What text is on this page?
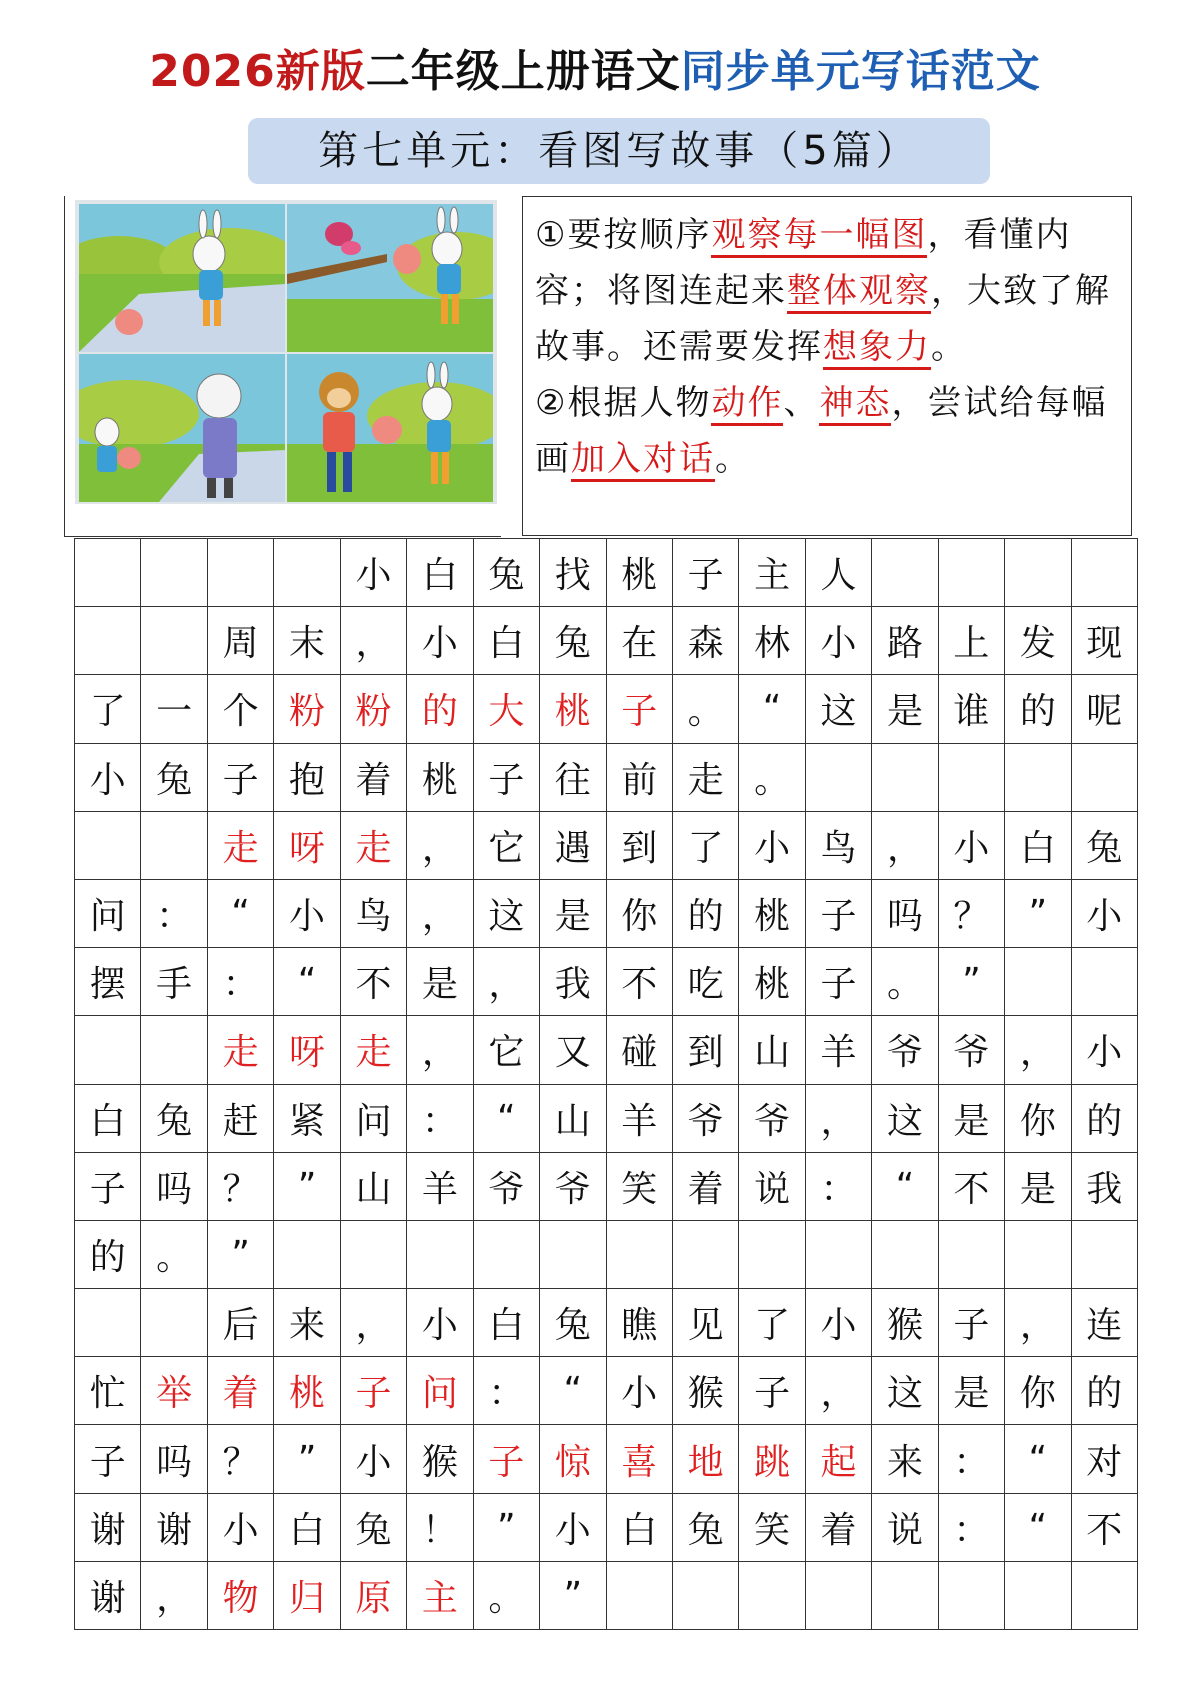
2026新版二年级上册语文同步单元写话范文
第七单元：看图写故事（5篇）
①要按顺序观察每一幅图，看懂内容；将图连起来整体观察，大致了解故事。还需要发挥想象力。
②根据人物动作、神态，尝试给每幅画加入对话。
				小	白	兔	找	桃	子	主	人				
		周	末	，	小	白	兔	在	森	林	小	路	上	发	现
了	一	个	粉	粉	的	大	桃	子	。	“	这	是	谁	的	呢
小	兔	子	抱	着	桃	子	往	前	走	。					
		走	呀	走	，	它	遇	到	了	小	鸟	，	小	白	兔
问	：	“	小	鸟	，	这	是	你	的	桃	子	吗	？	”	小
摆	手	：	“	不	是	，	我	不	吃	桃	子	。	”		
		走	呀	走	，	它	又	碰	到	山	羊	爷	爷	，	小
白	兔	赶	紧	问	：	“	山	羊	爷	爷	，	这	是	你	的
子	吗	？	”	山	羊	爷	爷	笑	着	说	：	“	不	是	我
的	。	”													
		后	来	，	小	白	兔	瞧	见	了	小	猴	子	，	连
忙	举	着	桃	子	问	：	“	小	猴	子	，	这	是	你	的
子	吗	？	”	小	猴	子	惊	喜	地	跳	起	来	：	“	对
谢	谢	小	白	兔	！	”	小	白	兔	笑	着	说	：	“	不
谢	，	物	归	原	主	。	”								
